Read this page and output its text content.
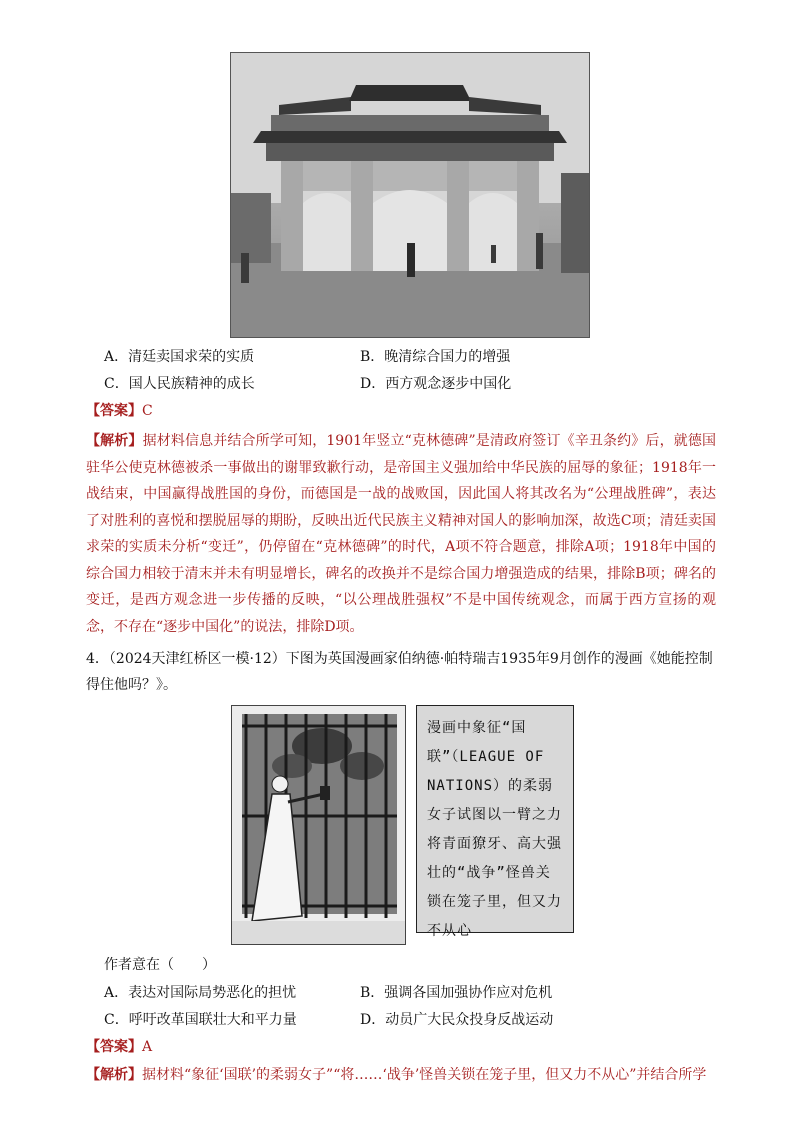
A．清廷卖国求荣的实质	B．晚清综合国力的增强
C．国人民族精神的成长	D．西方观念逐步中国化
【答案】C
【解析】据材料信息并结合所学可知，1901年竖立“克林德碑”是清政府签订《辛丑条约》后，就德国驻华公使克林德被杀一事做出的谢罪致歉行动，是帝国主义强加给中华民族的屈辱的象征；1918年一战结束，中国赢得战胜国的身份，而德国是一战的战败国，因此国人将其改名为“公理战胜碑”，表达了对胜利的喜悦和摆脱屈辱的期盼，反映出近代民族主义精神对国人的影响加深，故选C项；清廷卖国求荣的实质未分析“变迁”，仍停留在“克林德碑”的时代，A项不符合题意，排除A项；1918年中国的综合国力相较于清末并未有明显增长，碑名的改换并不是综合国力增强造成的结果，排除B项；碑名的变迁，是西方观念进一步传播的反映，“以公理战胜强权”不是中国传统观念，而属于西方宣扬的观念，不存在“逐步中国化”的说法，排除D项。
4．（2024天津红桥区一模·12）下图为英国漫画家伯纳德·帕特瑞吉1935年9月创作的漫画《她能控制得住他吗？》。
漫画中象征“国联”（LEAGUE OF NATIONS）的柔弱女子试图以一臂之力将青面獠牙、高大强壮的“战争”怪兽关锁在笼子里，但又力不从心
作者意在（　　）
A．表达对国际局势恶化的担忧	B．强调各国加强协作应对危机
C．呼吁改革国联壮大和平力量	D．动员广大民众投身反战运动
【答案】A
【解析】据材料“象征‘国联’的柔弱女子”“将……‘战争’怪兽关锁在笼子里，但又力不从心”并结合所学
